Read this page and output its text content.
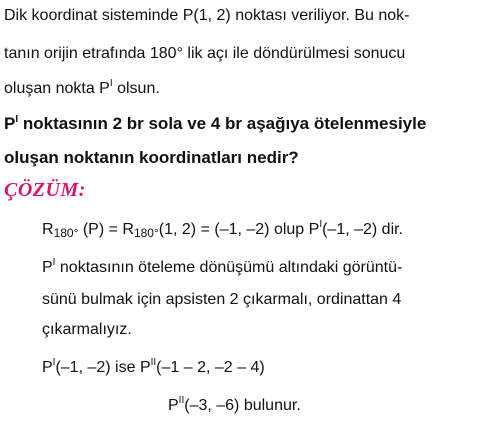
Dik koordinat sisteminde P(1, 2) noktası veriliyor. Bu nok-
tanın orijin etrafında 180° lik açı ile döndürülmesi sonucu
oluşan nokta $P^I$ olsun.
$P^I$ noktasının 2 br sola ve 4 br aşağıya ötelenmesiyle
oluşan noktanın koordinatları nedir?
ÇÖZÜM:
$R_{180^\circ}$ $(P) = R_{180^\circ}(1$, 2) = (–1, –2) olup $P^I(-1$, –2) dir.
$P^I$ noktasının öteleme dönüşümü altındaki görüntü-
sünü bulmak için apsisten 2 çıkarmalı, ordinattan 4
çıkarmalıyız.
$P^I(-1$, –2) ise $P^{II}(-1 - 2$, –2 – 4)
$P^{II}(-3$, –6) bulunur.
